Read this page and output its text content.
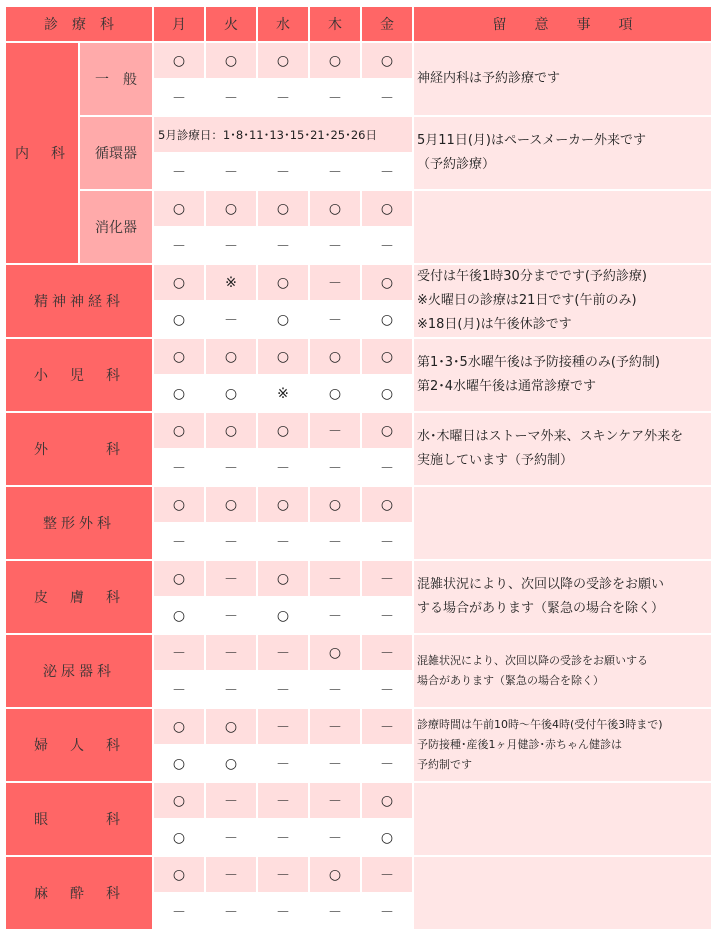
診　療　科		月	火	水	木	金	留　　意　　事　　項
内　科	一　般	○	○	○	○	○	神経内科は予約診療です
		－	－	－	－	－	
	循環器	5月診療日：1･8･11･13･15･21･25･26日					5月11日(月)はペースメーカー外来です
（予約診療）

		－	－	－	－	－	
	消化器	○	○	○	○	○	
		－	－	－	－	－	
精神神経科		○	※	○	－	○	受付は午後1時30分までです(予約診療)
※火曜日の診療は21日です(午前のみ)
※18日(月)は午後休診です

		○	－	○	－	○	
小　児　科		○	○	○	○	○	第1･3･5水曜午後は予防接種のみ(予約制)
第2･4水曜午後は通常診療です

		○	○	※	○	○	
外　　　科		○	○	○	－	○	水･木曜日はストーマ外来、スキンケア外来を
実施しています（予約制）

		－	－	－	－	－	
整形外科		○	○	○	○	○	
		－	－	－	－	－	
皮　膚　科		○	－	○	－	－	混雑状況により、次回以降の受診をお願い
する場合があります（緊急の場合を除く）

		○	－	○	－	－	
泌尿器科		－	－	－	○	－	混雑状況により、次回以降の受診をお願いする
場合があります（緊急の場合を除く）

		－	－	－	－	－	
婦　人　科		○	○	－	－	－	診療時間は午前10時～午後4時(受付午後3時まで)
予防接種･産後1ヶ月健診･赤ちゃん健診は
予約制です

		○	○	－	－	－	
眼　　　科		○	－	－	－	○	
		○	－	－	－	○	
麻　酔　科		○	－	－	○	－	
		－	－	－	－	－	
